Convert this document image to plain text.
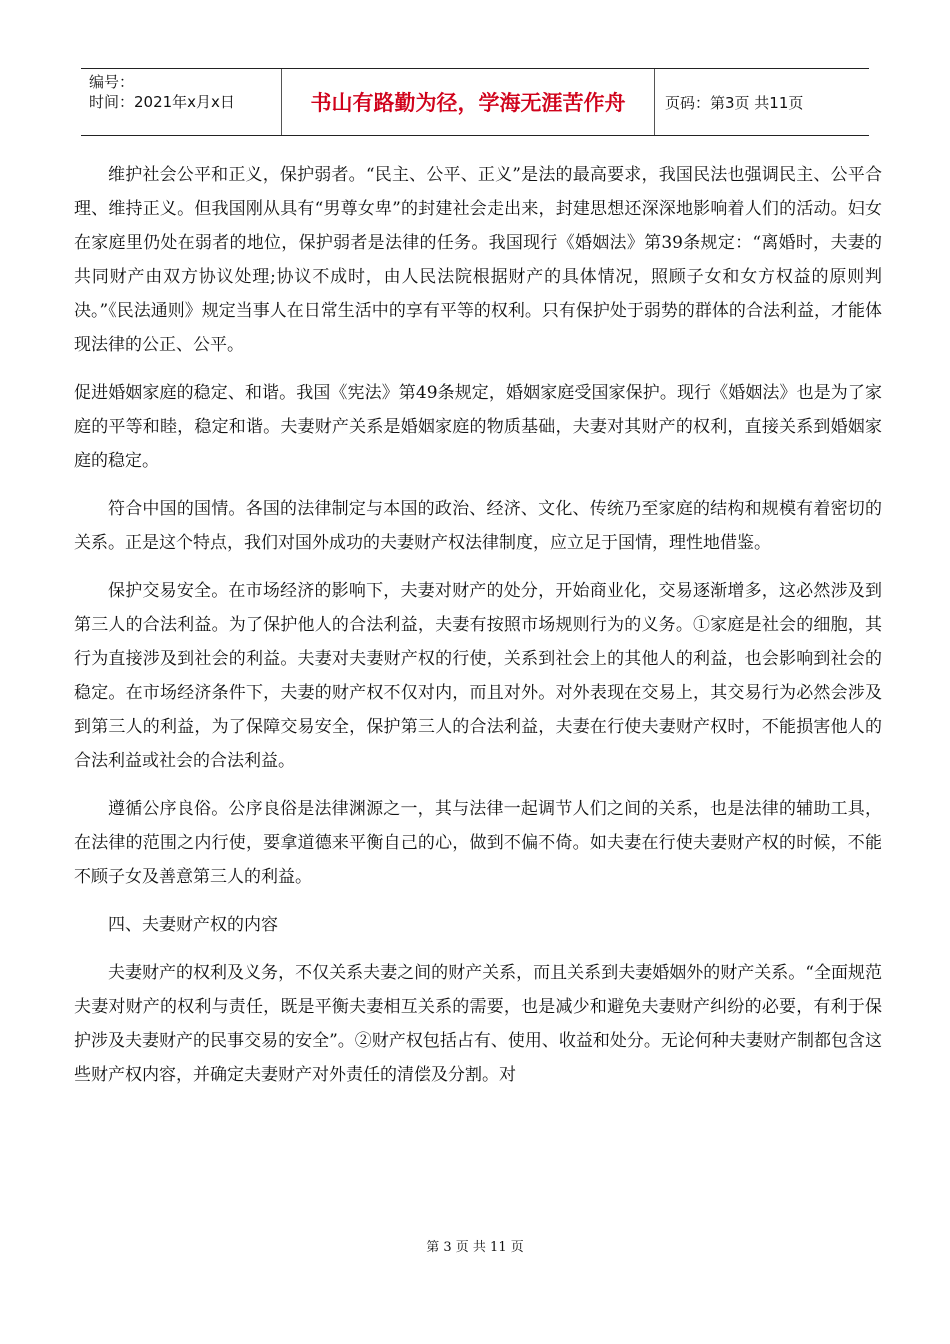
编号：
时间：2021年x月x日	书山有路勤为径，学海无涯苦作舟	页码：第3页 共11页

维护社会公平和正义，保护弱者。“民主、公平、正义”是法的最高要求，我国民法也强调民主、公平合理、维持正义。但我国刚从具有“男尊女卑”的封建社会走出来，封建思想还深深地影响着人们的活动。妇女在家庭里仍处在弱者的地位，保护弱者是法律的任务。我国现行《婚姻法》第39条规定：“离婚时，夫妻的共同财产由双方协议处理;协议不成时，由人民法院根据财产的具体情况，照顾子女和女方权益的原则判决。”《民法通则》规定当事人在日常生活中的享有平等的权利。只有保护处于弱势的群体的合法利益，才能体现法律的公正、公平。

促进婚姻家庭的稳定、和谐。我国《宪法》第49条规定，婚姻家庭受国家保护。现行《婚姻法》也是为了家庭的平等和睦，稳定和谐。夫妻财产关系是婚姻家庭的物质基础，夫妻对其财产的权利，直接关系到婚姻家庭的稳定。

符合中国的国情。各国的法律制定与本国的政治、经济、文化、传统乃至家庭的结构和规模有着密切的关系。正是这个特点，我们对国外成功的夫妻财产权法律制度，应立足于国情，理性地借鉴。

保护交易安全。在市场经济的影响下，夫妻对财产的处分，开始商业化，交易逐渐增多，这必然涉及到第三人的合法利益。为了保护他人的合法利益，夫妻有按照市场规则行为的义务。①家庭是社会的细胞，其行为直接涉及到社会的利益。夫妻对夫妻财产权的行使，关系到社会上的其他人的利益，也会影响到社会的稳定。在市场经济条件下，夫妻的财产权不仅对内，而且对外。对外表现在交易上，其交易行为必然会涉及到第三人的利益，为了保障交易安全，保护第三人的合法利益，夫妻在行使夫妻财产权时，不能损害他人的合法利益或社会的合法利益。

遵循公序良俗。公序良俗是法律渊源之一，其与法律一起调节人们之间的关系，也是法律的辅助工具，在法律的范围之内行使，要拿道德来平衡自己的心，做到不偏不倚。如夫妻在行使夫妻财产权的时候，不能不顾子女及善意第三人的利益。

四、夫妻财产权的内容

夫妻财产的权利及义务，不仅关系夫妻之间的财产关系，而且关系到夫妻婚姻外的财产关系。“全面规范夫妻对财产的权利与责任，既是平衡夫妻相互关系的需要，也是减少和避免夫妻财产纠纷的必要，有利于保护涉及夫妻财产的民事交易的安全”。②财产权包括占有、使用、收益和处分。无论何种夫妻财产制都包含这些财产权内容，并确定夫妻财产对外责任的清偿及分割。对

第 3 页 共 11 页
